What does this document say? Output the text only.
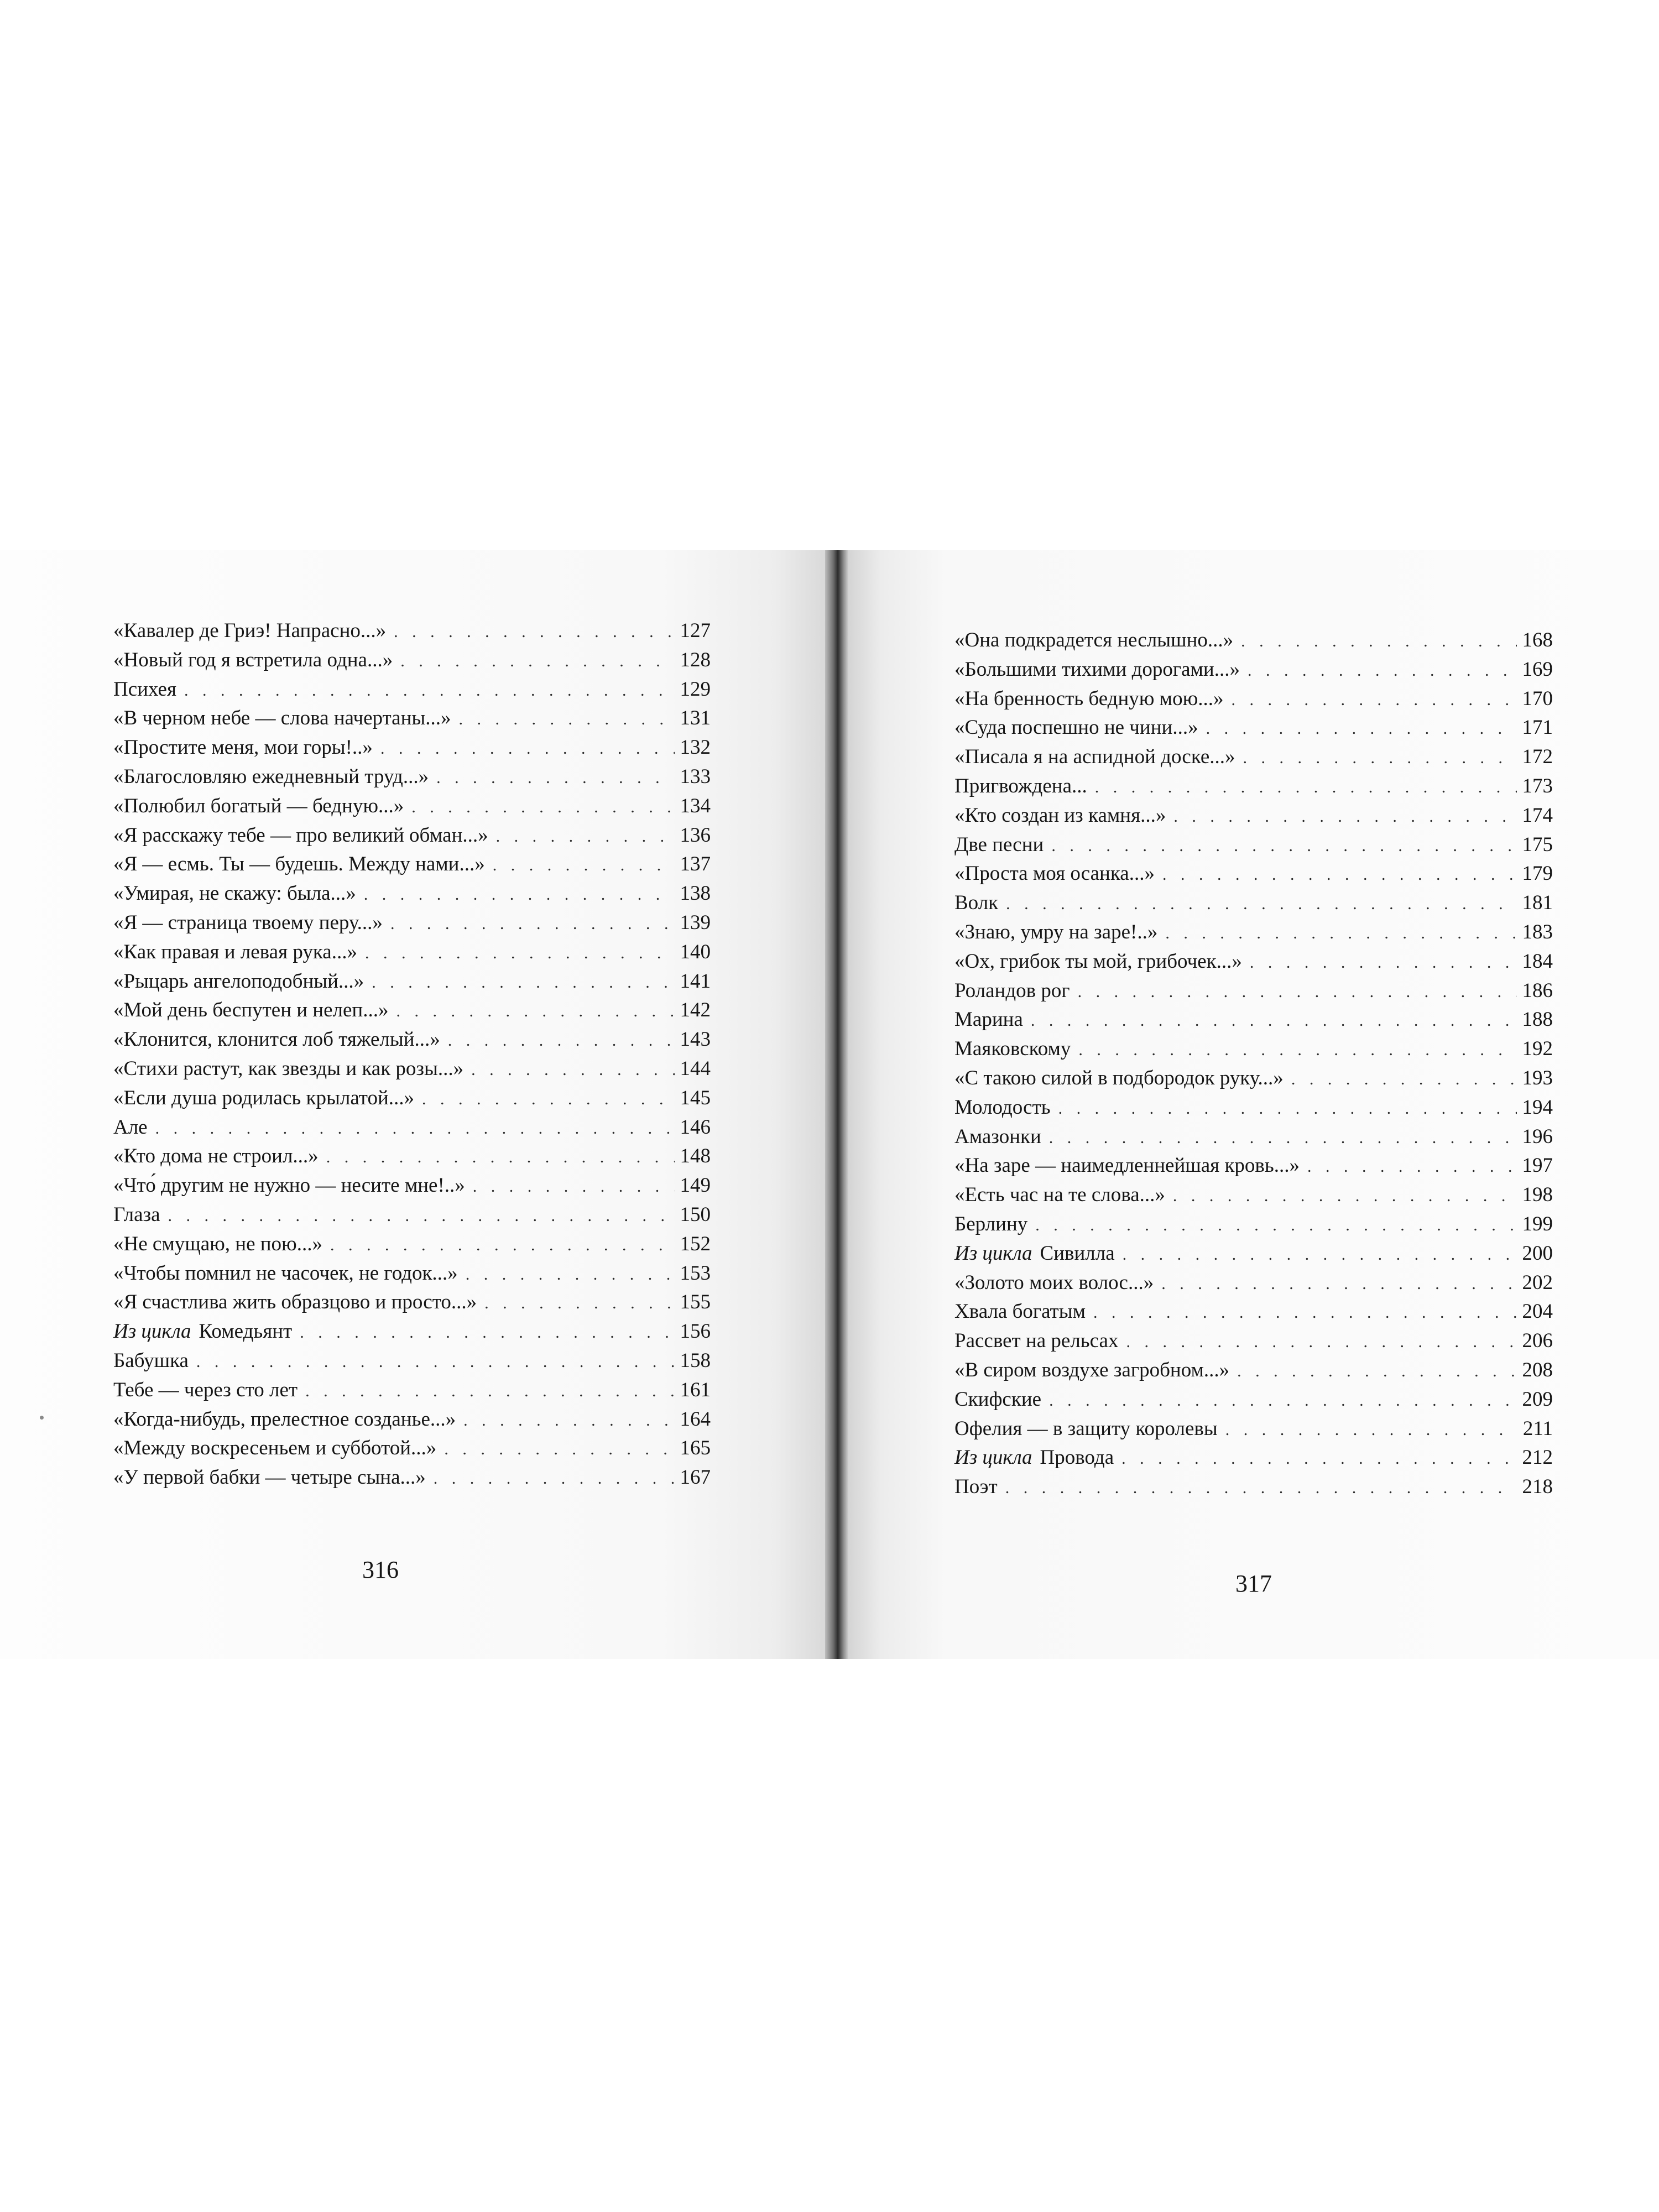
«Кавалер де Гриэ! Напрасно...» . . .	127
«Новый год я встретила одна...» . . .	128
Психея . . .	129
«В черном небе — слова начертаны...» . . .	131
«Простите меня, мои горы!..» . . .	132
«Благословляю ежедневный труд...» . . .	133
«Полюбил богатый — бедную...» . . .	134
«Я расскажу тебе — про великий обман...» . . .	136
«Я — есмь. Ты — будешь. Между нами...» . . .	137
«Умирая, не скажу: была...» . . .	138
«Я — страница твоему перу...» . . .	139
«Как правая и левая рука...» . . .	140
«Рыцарь ангелоподобный...» . . .	141
«Мой день беспутен и нелеп...» . . .	142
«Клонится, клонится лоб тяжелый...» . . .	143
«Стихи растут, как звезды и как розы...» . . .	144
«Если душа родилась крылатой...» . . .	145
Але . . .	146
«Кто дома не строил...» . . .	148
«Что́ другим не нужно — несите мне!..» . . .	149
Глаза . . .	150
«Не смущаю, не пою...» . . .	152
«Чтобы помнил не часочек, не годок...» . . .	153
«Я счастлива жить образцово и просто...» . . .	155
Из цикла Комедьянт . . .	156
Бабушка . . .	158
Тебе — через сто лет . . .	161
«Когда-нибудь, прелестное созданье...» . . .	164
«Между воскресеньем и субботой...» . . .	165
«У первой бабки — четыре сына...» . . .	167
316
«Она подкрадется неслышно...» . . .	168
«Большими тихими дорогами...» . . .	169
«На бренность бедную мою...» . . .	170
«Суда поспешно не чини...» . . .	171
«Писала я на аспидной доске...» . . .	172
Пригвождена... . . .	173
«Кто создан из камня...» . . .	174
Две песни . . .	175
«Проста моя осанка...» . . .	179
Волк . . .	181
«Знаю, умру на заре!..» . . .	183
«Ох, грибок ты мой, грибочек...» . . .	184
Роландов рог . . .	186
Марина . . .	188
Маяковскому . . .	192
«С такою силой в подбородок руку...» . . .	193
Молодость . . .	194
Амазонки . . .	196
«На заре — наимедленнейшая кровь...» . . .	197
«Есть час на те слова...» . . .	198
Берлину . . .	199
Из цикла Сивилла . . .	200
«Золото моих волос...» . . .	202
Хвала богатым . . .	204
Рассвет на рельсах . . .	206
«В сиром воздухе загробном...» . . .	208
Скифские . . .	209
Офелия — в защиту королевы . . .	211
Из цикла Провода . . .	212
Поэт . . .	218
317
